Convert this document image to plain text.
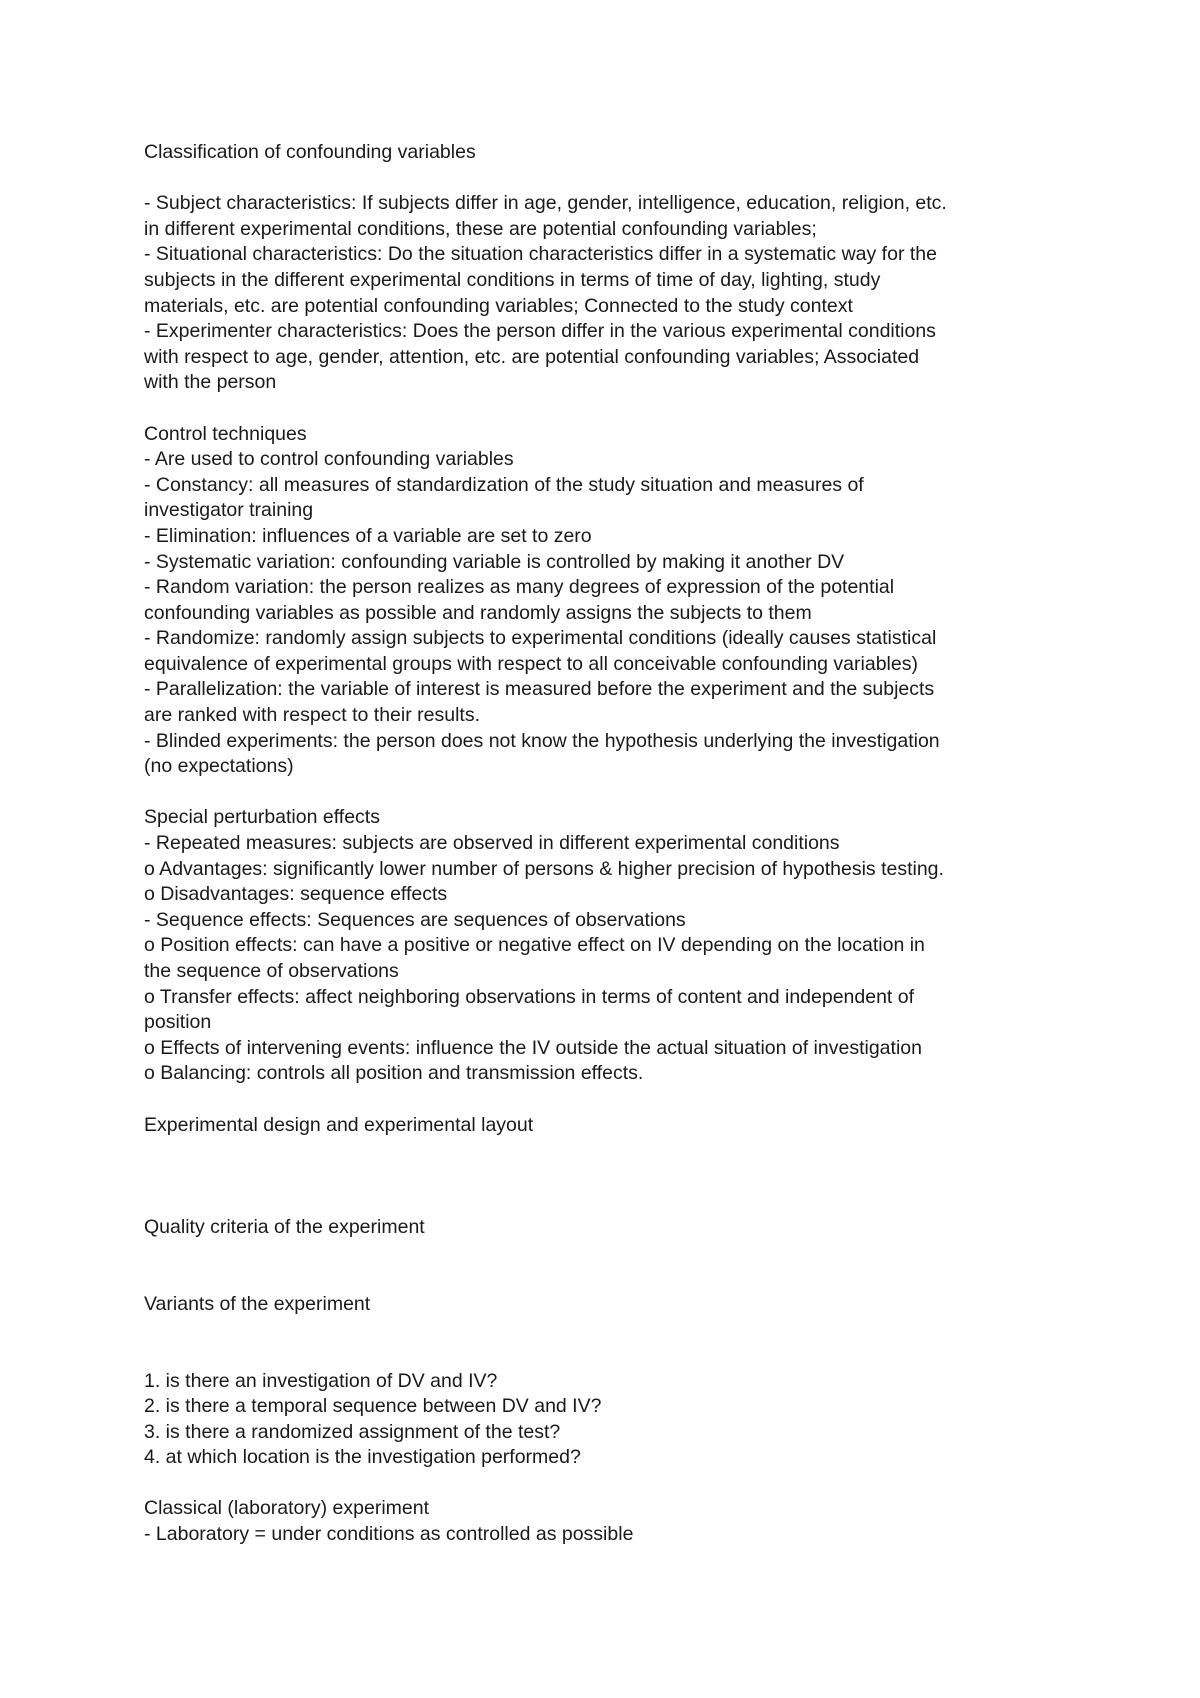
Classification of confounding variables
- Subject characteristics: If subjects differ in age, gender, intelligence, education, religion, etc.
in different experimental conditions, these are potential confounding variables;
- Situational characteristics: Do the situation characteristics differ in a systematic way for the
subjects in the different experimental conditions in terms of time of day, lighting, study
materials, etc. are potential confounding variables; Connected to the study context
- Experimenter characteristics: Does the person differ in the various experimental conditions
with respect to age, gender, attention, etc. are potential confounding variables; Associated
with the person
Control techniques
- Are used to control confounding variables
- Constancy: all measures of standardization of the study situation and measures of
investigator training
- Elimination: influences of a variable are set to zero
- Systematic variation: confounding variable is controlled by making it another DV
- Random variation: the person realizes as many degrees of expression of the potential
confounding variables as possible and randomly assigns the subjects to them
- Randomize: randomly assign subjects to experimental conditions (ideally causes statistical
equivalence of experimental groups with respect to all conceivable confounding variables)
- Parallelization: the variable of interest is measured before the experiment and the subjects
are ranked with respect to their results.
- Blinded experiments: the person does not know the hypothesis underlying the investigation
(no expectations)
Special perturbation effects
- Repeated measures: subjects are observed in different experimental conditions
o Advantages: significantly lower number of persons & higher precision of hypothesis testing.
o Disadvantages: sequence effects
- Sequence effects: Sequences are sequences of observations
o Position effects: can have a positive or negative effect on IV depending on the location in
the sequence of observations
o Transfer effects: affect neighboring observations in terms of content and independent of
position
o Effects of intervening events: influence the IV outside the actual situation of investigation
o Balancing: controls all position and transmission effects.
Experimental design and experimental layout
Quality criteria of the experiment
Variants of the experiment
1. is there an investigation of DV and IV?
2. is there a temporal sequence between DV and IV?
3. is there a randomized assignment of the test?
4. at which location is the investigation performed?
Classical (laboratory) experiment
- Laboratory = under conditions as controlled as possible
